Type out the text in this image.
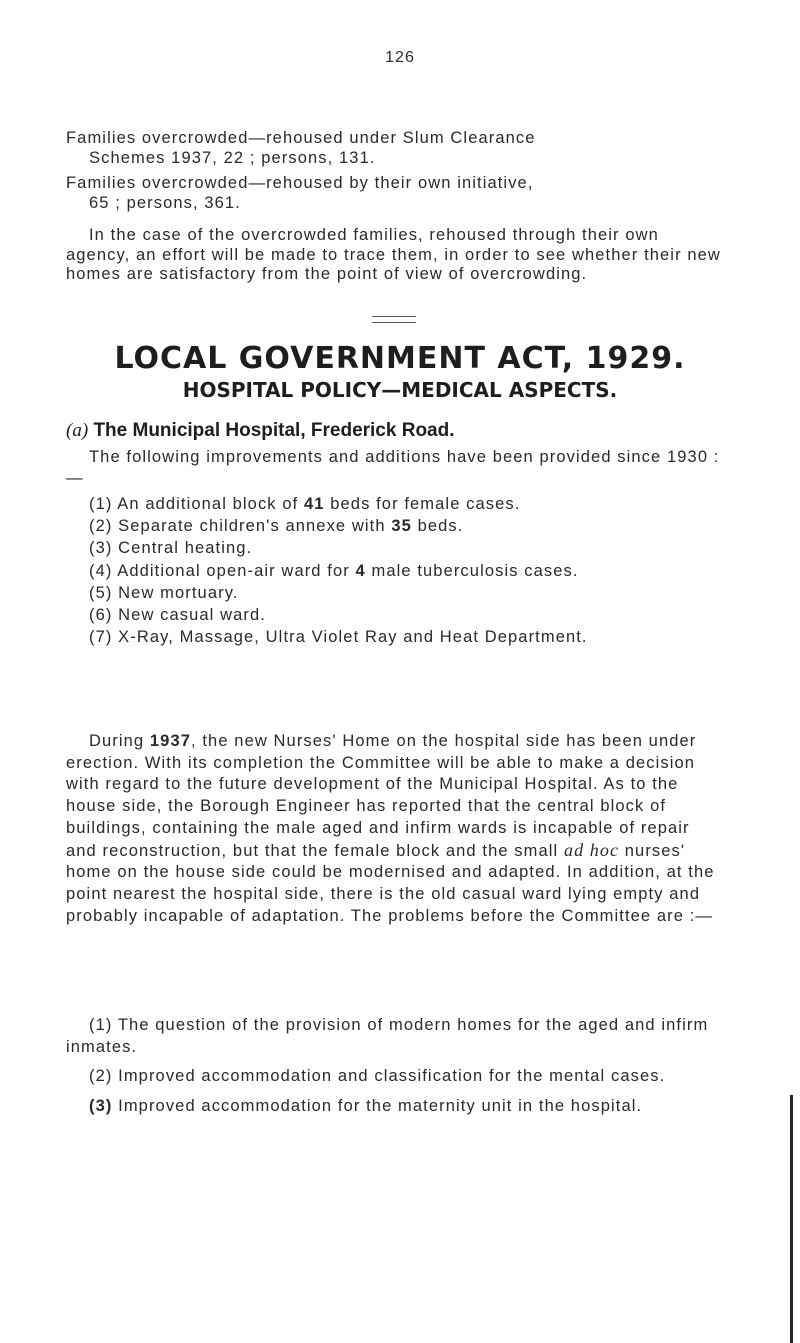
126
Families overcrowded—rehoused under Slum Clearance
Schemes 1937, 22 ; persons, 131.
Families overcrowded—rehoused by their own initiative,
65 ; persons, 361.
In the case of the overcrowded families, rehoused through their own agency, an effort will be made to trace them, in order to see whether their new homes are satisfactory from the point of view of overcrowding.
LOCAL GOVERNMENT ACT, 1929.
HOSPITAL POLICY—MEDICAL ASPECTS.
(a) The Municipal Hospital, Frederick Road.
The following improvements and additions have been provided since 1930 :—
(1) An additional block of 41 beds for female cases.
(2) Separate children's annexe with 35 beds.
(3) Central heating.
(4) Additional open-air ward for 4 male tuberculosis cases.
(5) New mortuary.
(6) New casual ward.
(7) X-Ray, Massage, Ultra Violet Ray and Heat Department.
During 1937, the new Nurses' Home on the hospital side has been under erection. With its completion the Committee will be able to make a decision with regard to the future development of the Municipal Hospital. As to the house side, the Borough Engineer has reported that the central block of buildings, containing the male aged and infirm wards is incapable of repair and reconstruction, but that the female block and the small ad hoc nurses' home on the house side could be modernised and adapted. In addition, at the point nearest the hospital side, there is the old casual ward lying empty and probably incapable of adaptation. The problems before the Committee are :—
(1) The question of the provision of modern homes for the aged and infirm inmates.
(2) Improved accommodation and classification for the mental cases.
(3) Improved accommodation for the maternity unit in the hospital.
